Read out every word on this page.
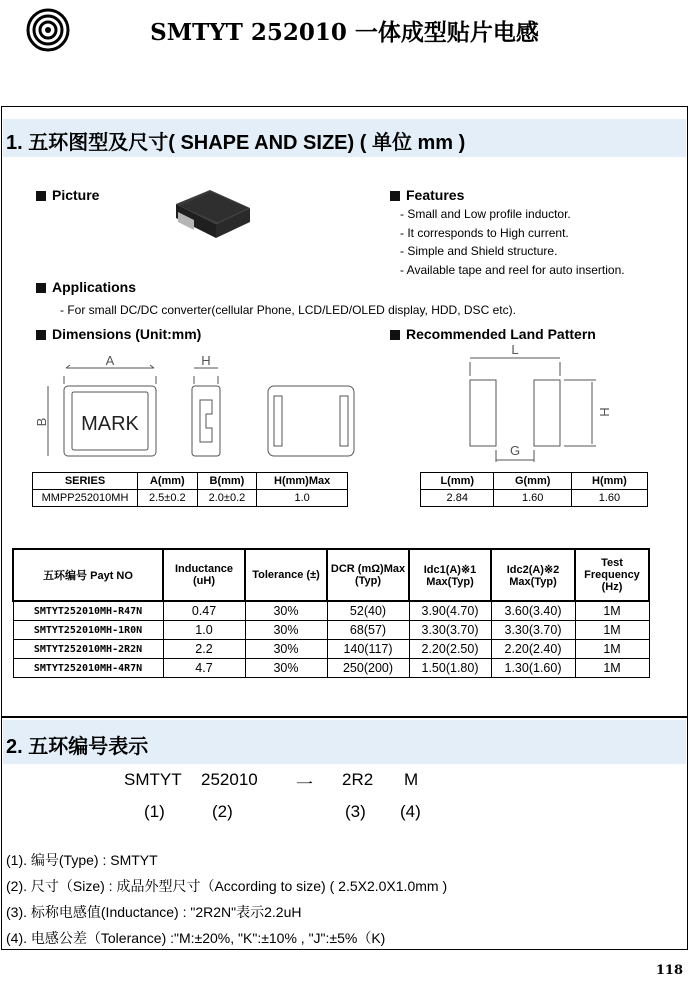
SMTYT 252010 一体成型贴片电感
1. 五环图型及尺寸( SHAPE AND SIZE) ( 单位 mm )
Picture	Features
- Small and Low profile inductor.
- It corresponds to High current.
- Simple and Shield structure.
- Available tape and reel for auto insertion.
Applications
- For small DC/DC converter(cellular Phone, LCD/LED/OLED display, HDD, DSC etc).
Dimensions (Unit:mm)	Recommended Land Pattern
A	H
B MARK
L
H
G
SERIES	A(mm)	B(mm)	H(mm)Max
MMPP252010MH	2.5±0.2	2.0±0.2	1.0
L(mm)	G(mm)	H(mm)
2.84	1.60	1.60
五环编号 Payt NO	Inductance (uH)	Tolerance (±)	DCR (mΩ)Max (Typ)	Idc1(A)※1 Max(Typ)	Idc2(A)※2 Max(Typ)	Test Frequency (Hz)
SMTYT252010MH-R47N	0.47	30%	52(40)	3.90(4.70)	3.60(3.40)	1M
SMTYT252010MH-1R0N	1.0	30%	68(57)	3.30(3.70)	3.30(3.70)	1M
SMTYT252010MH-2R2N	2.2	30%	140(117)	2.20(2.50)	2.20(2.40)	1M
SMTYT252010MH-4R7N	4.7	30%	250(200)	1.50(1.80)	1.30(1.60)	1M
2. 五环编号表示
SMTYT 252010 一 2R2 M
(1)	(2)	(3) (4)
(1). 编号(Type) : SMTYT
(2). 尺寸（Size) : 成品外型尺寸（According to size) ( 2.5X2.0X1.0mm )
(3). 标称电感值(Inductance) : "2R2N"表示2.2uH
(4). 电感公差（Tolerance) :"M:±20%, "K":±10% , "J":±5%（K)
118
